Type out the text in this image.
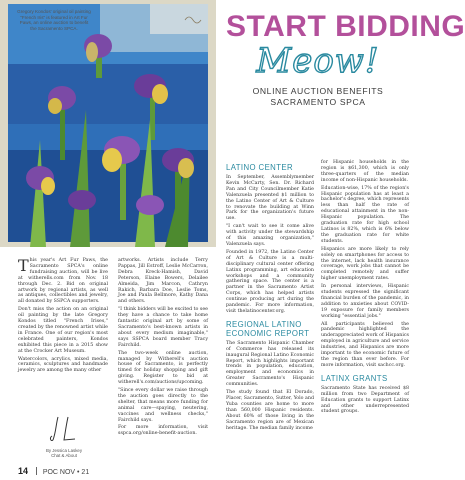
Gregory Kondos' original oil painting "French Iris" is featured in Art Fur Paws, an online auction to benefit the Sacramento SPCA.	START BIDDING
Meow!
ONLINE AUCTION BENEFITS
SACRAMENTO SPCA

This year's Art Fur Paws, the Sacramento SPCA's online fundraising auction, will be live at witherells.com from Nov. 18 through Dec. 2. Bid on original artwork by regional artists, as well as antiques, collectibles and jewelry, all donated by SSPCA supporters.

Don't miss the action on an original oil painting by the late Gregory Kondos titled "French Irises," created by the renowned artist while in France. One of our region's most celebrated painters, Kondos exhibited this piece in a 2015 show at the Crocker Art Museum.

Watercolors, acrylics, mixed media, ceramics, sculptures and handmade jewelry are among the many other

artworks. Artists include Terry Pappas, Jill Estroff, Leslie McCarron, Debra Kreck-Hamish, David Peterson, Elaine Bowers, Delailee Almeida, Jim Marcon, Cathryn Rakich, Barbara Doe, Leslie Toms, Joe and Paula Bellmore, Kathy Dana and others.

"I think bidders will be excited to see they have a chance to take home fantastic original art by some of Sacramento's best-known artists in about every medium imaginable," says SSPCA board member Tracy Fairchild.

The two-week online auction, managed by Witherell's auction house of Sacramento, is perfectly timed for holiday shopping and gift giving. Register to bid at witherell's.com/auctions/upcoming.

"Since every dollar we raise through the auction goes directly to the shelter, that means more funding for animal care—spaying, neutering, vaccines and wellness checks," Fairchild says.

For more information, visit sspca.org/online-benefit-auction.

LATINO CENTER

In September, Assemblymember Kevin McCarty, Sen. Dr. Richard Pan and City Councilmember Katie Valenzuela presented $1 million to the Latino Center of Art & Culture to renovate the building at Winn Park for the organization's future use.

"I can't wait to see it come alive with activity under the stewardship of this amazing organization," Valenzuela says.

Founded in 1972, the Latino Center of Art & Culture is a multi-disciplinary cultural center offering Latinx programming, art education workshops and a community gathering space. The center is a partner in the Sacramento Artist Corps, which has helped artists continue producing art during the pandemic. For more information, visit thelatinocenter.org.

REGIONAL LATINO
ECONOMIC REPORT

The Sacramento Hispanic Chamber of Commerce has released its inaugural Regional Latino Economic Report, which highlights important trends in population, education, employment and economics in Greater Sacramento's Hispanic communities.

The study found that El Dorado, Placer, Sacramento, Sutter, Yolo and Yuba counties are home to more than 560,000 Hispanic residents. About 60% of those living in the Sacramento region are of Mexican heritage. The median family income

for Hispanic households in the region is $61,300, which is only three-quarters of the median income of non-Hispanic households.

Education-wise, 17% of the region's Hispanic population has at least a bachelor's degree, which represents less than half the rate of educational attainment in the non-Hispanic population. The graduation rate for high school Latinos is 82%, which is 6% below the graduation rate for white students.

Hispanics are more likely to rely solely on smartphones for access to the internet, lack health insurance coverage, work jobs that cannot be completed remotely and suffer higher unemployment rates.

In personal interviews, Hispanic students expressed the significant financial burden of the pandemic, in addition to anxieties about COVID-19 exposure for family members working "essential jobs."

All participants believed the pandemic highlighted the underappreciated work of Hispanics employed in agriculture and service industries, and Hispanics are more important to the economic future of the region than ever before. For more information, visit sachcc.org.

LATINX GRANTS

Sacramento State has received $8 million from two Department of Education grants to support Latinx and other underrepresented student groups.

By Jessica Laskey
Chat & About
14 POC NOV • 21
